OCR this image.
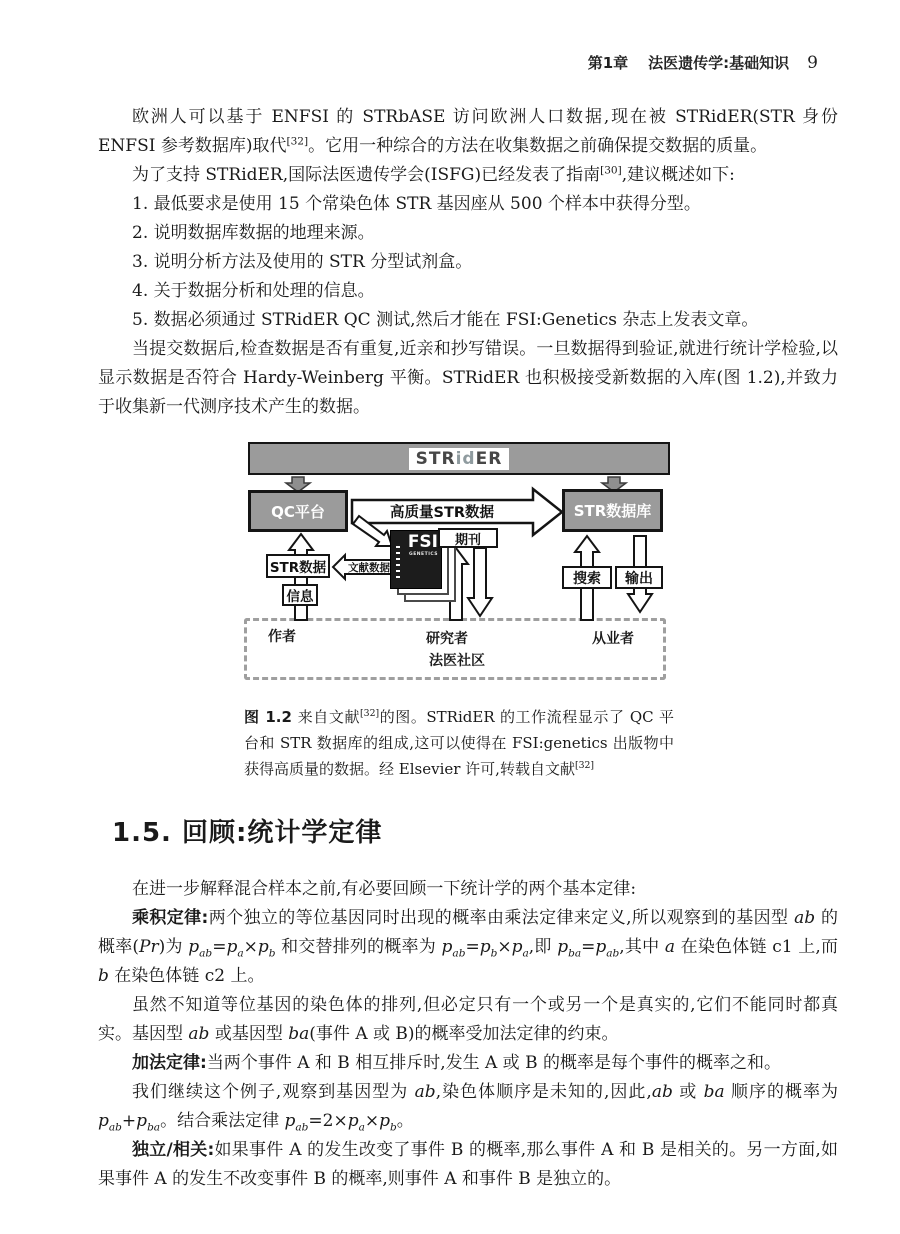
第1章 法医遗传学:基础知识 9

欧洲人可以基于 ENFSI 的 STRbASE 访问欧洲人口数据,现在被 STRidER(STR 身份 ENFSI 参考数据库)取代[32]。它用一种综合的方法在收集数据之前确保提交数据的质量。

为了支持 STRidER,国际法医遗传学会(ISFG)已经发表了指南[30],建议概述如下:

1. 最低要求是使用 15 个常染色体 STR 基因座从 500 个样本中获得分型。
2. 说明数据库数据的地理来源。
3. 说明分析方法及使用的 STR 分型试剂盒。
4. 关于数据分析和处理的信息。
5. 数据必须通过 STRidER QC 测试,然后才能在 FSI:Genetics 杂志上发表文章。

当提交数据后,检查数据是否有重复,近亲和抄写错误。一旦数据得到验证,就进行统计学检验,以显示数据是否符合 Hardy-Weinberg 平衡。STRidER 也积极接受新数据的入库(图 1.2),并致力于收集新一代测序技术产生的数据。

STRidER
QC平台	STR数据库
高质量STR数据
FSI
GENETICS
期刊
STR数据	文献数据
信息
搜索	输出
作者	研究者	从业者
法医社区
图 1.2 来自文献[32]的图。STRidER 的工作流程显示了 QC 平台和 STR 数据库的组成,这可以使得在 FSI:genetics 出版物中获得高质量的数据。经 Elsevier 许可,转载自文献[32]
1.5. 回顾:统计学定律

在进一步解释混合样本之前,有必要回顾一下统计学的两个基本定律:

乘积定律:两个独立的等位基因同时出现的概率由乘法定律来定义,所以观察到的基因型 ab 的概率(Pr)为 $p_{ab}=p_a\times p_b$ 和交替排列的概率为 $p_{ab}=p_b\times p_a$,即 $p_{ba}=p_{ab}$,其中 a 在染色体链 c1 上,而 b 在染色体链 c2 上。

虽然不知道等位基因的染色体的排列,但必定只有一个或另一个是真实的,它们不能同时都真实。基因型 ab 或基因型 ba(事件 A 或 B)的概率受加法定律的约束。

加法定律:当两个事件 A 和 B 相互排斥时,发生 A 或 B 的概率是每个事件的概率之和。

我们继续这个例子,观察到基因型为 ab,染色体顺序是未知的,因此,ab 或 ba 顺序的概率为 $p_{ab}+p_{ba}$。结合乘法定律 $p_{ab}=2\times p_a\times p_b$。

独立/相关:如果事件 A 的发生改变了事件 B 的概率,那么事件 A 和 B 是相关的。另一方面,如果事件 A 的发生不改变事件 B 的概率,则事件 A 和事件 B 是独立的。
